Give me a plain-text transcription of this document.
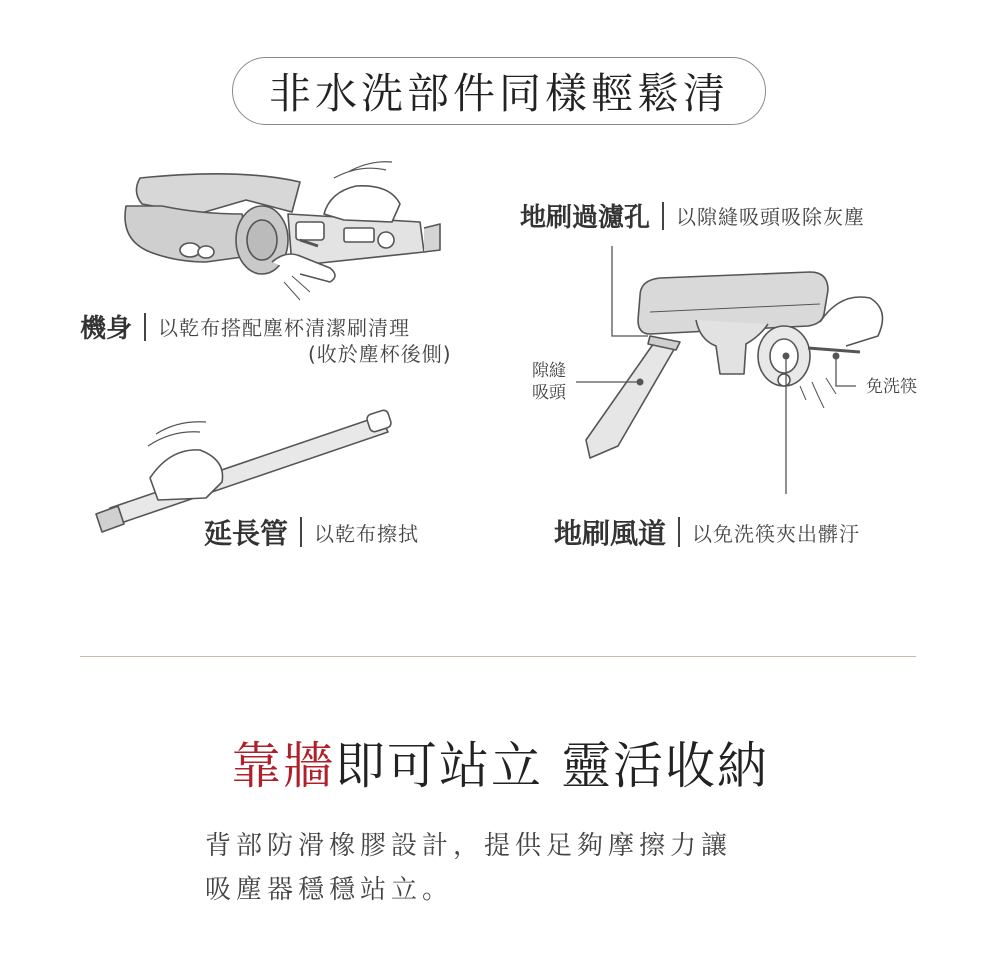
非水洗部件同樣輕鬆清
機身 以乾布搭配塵杯清潔刷清理
(收於塵杯後側)
地刷過濾孔 以隙縫吸頭吸除灰塵
隙縫
吸頭	免洗筷
延長管 以乾布擦拭	地刷風道 以免洗筷夾出髒汙
靠牆即可站立 靈活收納
背部防滑橡膠設計，提供足夠摩擦力讓
吸塵器穩穩站立。
